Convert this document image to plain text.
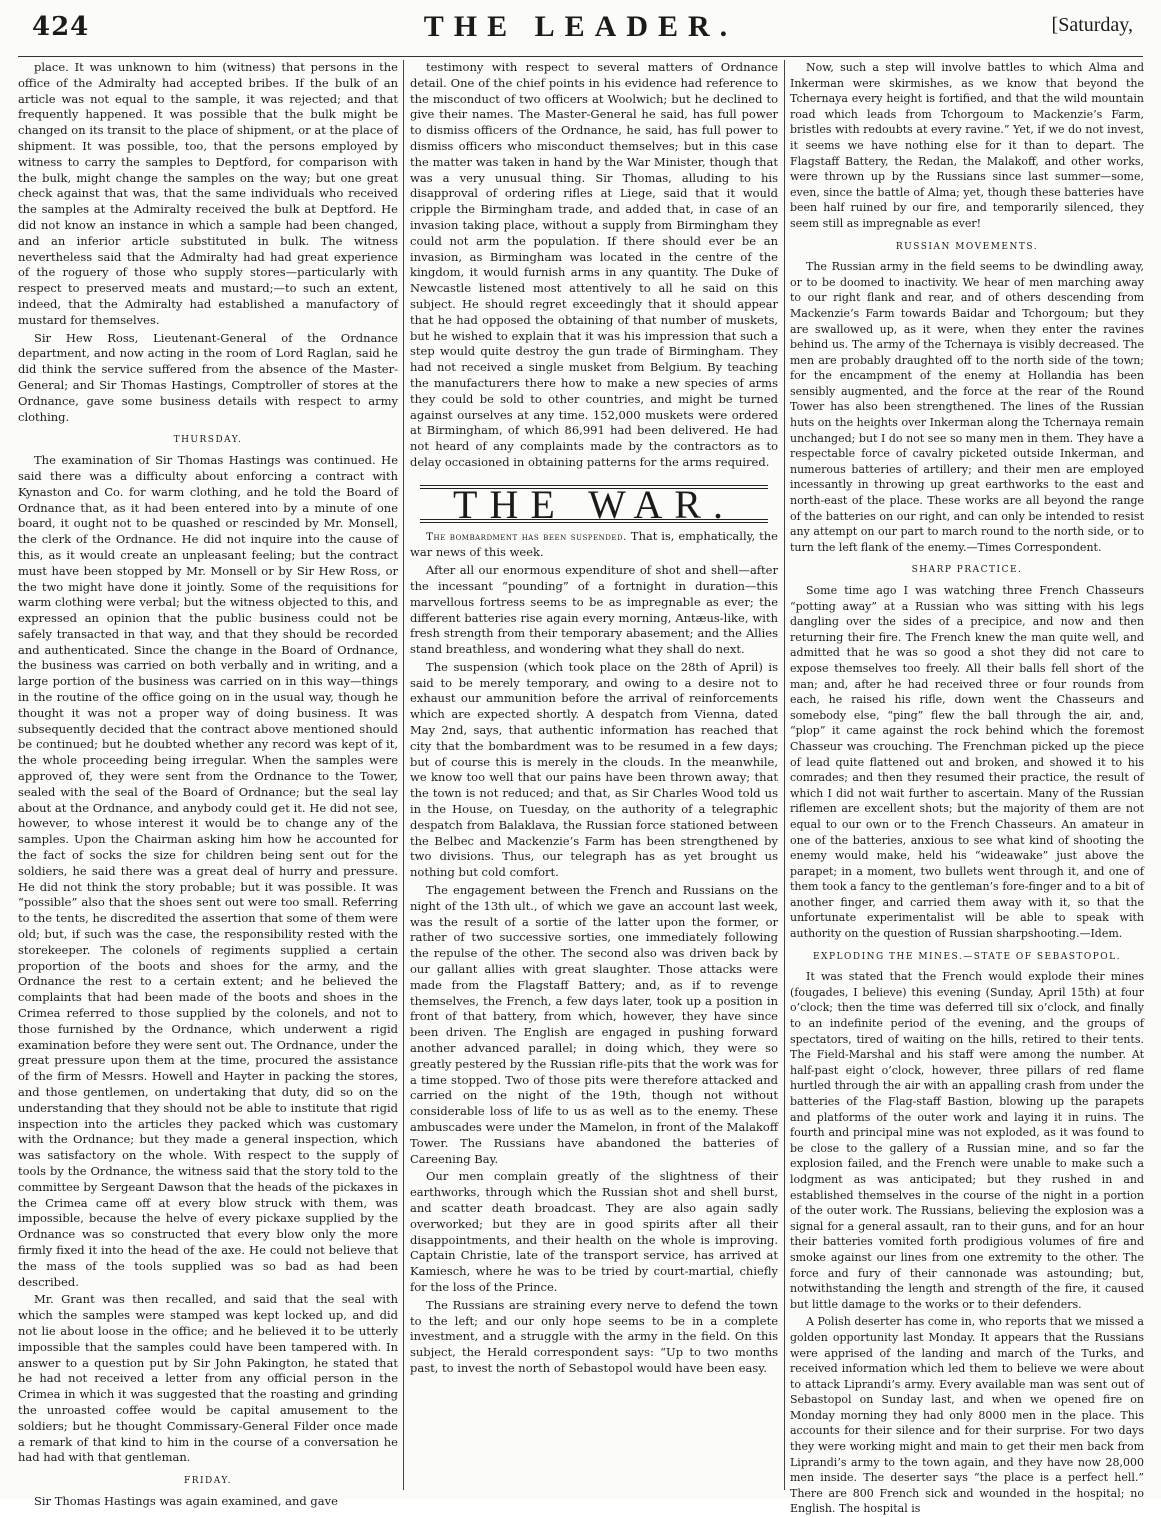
424	THE LEADER.	[Saturday,

place. It was unknown to him (witness) that persons in the office of the Admiralty had accepted bribes. If the bulk of an article was not equal to the sample, it was rejected; and that frequently happened. It was possible that the bulk might be changed on its transit to the place of shipment, or at the place of shipment. It was possible, too, that the persons employed by witness to carry the samples to Deptford, for comparison with the bulk, might change the samples on the way; but one great check against that was, that the same individuals who received the samples at the Admiralty received the bulk at Deptford. He did not know an instance in which a sample had been changed, and an inferior article substituted in bulk. The witness nevertheless said that the Admiralty had had great experience of the roguery of those who supply stores—particularly with respect to preserved meats and mustard;—to such an extent, indeed, that the Admiralty had established a manufactory of mustard for themselves.

Sir Hew Ross, Lieutenant-General of the Ordnance department, and now acting in the room of Lord Raglan, said he did think the service suffered from the absence of the Master-General; and Sir Thomas Hastings, Comptroller of stores at the Ordnance, gave some business details with respect to army clothing.

THURSDAY.

The examination of Sir Thomas Hastings was continued. He said there was a difficulty about enforcing a contract with Kynaston and Co. for warm clothing, and he told the Board of Ordnance that, as it had been entered into by a minute of one board, it ought not to be quashed or rescinded by Mr. Monsell, the clerk of the Ordnance. He did not inquire into the cause of this, as it would create an unpleasant feeling; but the contract must have been stopped by Mr. Monsell or by Sir Hew Ross, or the two might have done it jointly. Some of the requisitions for warm clothing were verbal; but the witness objected to this, and expressed an opinion that the public business could not be safely transacted in that way, and that they should be recorded and authenticated. Since the change in the Board of Ordnance, the business was carried on both verbally and in writing, and a large portion of the business was carried on in this way—things in the routine of the office going on in the usual way, though he thought it was not a proper way of doing business. It was subsequently decided that the contract above mentioned should be continued; but he doubted whether any record was kept of it, the whole proceeding being irregular. When the samples were approved of, they were sent from the Ordnance to the Tower, sealed with the seal of the Board of Ordnance; but the seal lay about at the Ordnance, and anybody could get it. He did not see, however, to whose interest it would be to change any of the samples. Upon the Chairman asking him how he accounted for the fact of socks the size for children being sent out for the soldiers, he said there was a great deal of hurry and pressure. He did not think the story probable; but it was possible. It was “possible” also that the shoes sent out were too small. Referring to the tents, he discredited the assertion that some of them were old; but, if such was the case, the responsibility rested with the storekeeper. The colonels of regiments supplied a certain proportion of the boots and shoes for the army, and the Ordnance the rest to a certain extent; and he believed the complaints that had been made of the boots and shoes in the Crimea referred to those supplied by the colonels, and not to those furnished by the Ordnance, which underwent a rigid examination before they were sent out. The Ordnance, under the great pressure upon them at the time, procured the assistance of the firm of Messrs. Howell and Hayter in packing the stores, and those gentlemen, on undertaking that duty, did so on the understanding that they should not be able to institute that rigid inspection into the articles they packed which was customary with the Ordnance; but they made a general inspection, which was satisfactory on the whole. With respect to the supply of tools by the Ordnance, the witness said that the story told to the committee by Sergeant Dawson that the heads of the pickaxes in the Crimea came off at every blow struck with them, was impossible, because the helve of every pickaxe supplied by the Ordnance was so constructed that every blow only the more firmly fixed it into the head of the axe. He could not believe that the mass of the tools supplied was so bad as had been described.

Mr. Grant was then recalled, and said that the seal with which the samples were stamped was kept locked up, and did not lie about loose in the office; and he believed it to be utterly impossible that the samples could have been tampered with. In answer to a question put by Sir John Pakington, he stated that he had not received a letter from any official person in the Crimea in which it was suggested that the roasting and grinding the unroasted coffee would be capital amusement to the soldiers; but he thought Commissary-General Filder once made a remark of that kind to him in the course of a conversation he had had with that gentleman.

FRIDAY.

Sir Thomas Hastings was again examined, and gave

testimony with respect to several matters of Ordnance detail. One of the chief points in his evidence had reference to the misconduct of two officers at Woolwich; but he declined to give their names. The Master-General he said, has full power to dismiss officers of the Ordnance, he said, has full power to dismiss officers who misconduct themselves; but in this case the matter was taken in hand by the War Minister, though that was a very unusual thing. Sir Thomas, alluding to his disapproval of ordering rifles at Liege, said that it would cripple the Birmingham trade, and added that, in case of an invasion taking place, without a supply from Birmingham they could not arm the population. If there should ever be an invasion, as Birmingham was located in the centre of the kingdom, it would furnish arms in any quantity. The Duke of Newcastle listened most attentively to all he said on this subject. He should regret exceedingly that it should appear that he had opposed the obtaining of that number of muskets, but he wished to explain that it was his impression that such a step would quite destroy the gun trade of Birmingham. They had not received a single musket from Belgium. By teaching the manufacturers there how to make a new species of arms they could be sold to other countries, and might be turned against ourselves at any time. 152,000 muskets were ordered at Birmingham, of which 86,991 had been delivered. He had not heard of any complaints made by the contractors as to delay occasioned in obtaining patterns for the arms required.

THE WAR.

The bombardment has been suspended. That is, emphatically, the war news of this week.

After all our enormous expenditure of shot and shell—after the incessant “pounding” of a fortnight in duration—this marvellous fortress seems to be as impregnable as ever; the different batteries rise again every morning, Antæus-like, with fresh strength from their temporary abasement; and the Allies stand breathless, and wondering what they shall do next.

The suspension (which took place on the 28th of April) is said to be merely temporary, and owing to a desire not to exhaust our ammunition before the arrival of reinforcements which are expected shortly. A despatch from Vienna, dated May 2nd, says, that authentic information has reached that city that the bombardment was to be resumed in a few days; but of course this is merely in the clouds. In the meanwhile, we know too well that our pains have been thrown away; that the town is not reduced; and that, as Sir Charles Wood told us in the House, on Tuesday, on the authority of a telegraphic despatch from Balaklava, the Russian force stationed between the Belbec and Mackenzie’s Farm has been strengthened by two divisions. Thus, our telegraph has as yet brought us nothing but cold comfort.

The engagement between the French and Russians on the night of the 13th ult., of which we gave an account last week, was the result of a sortie of the latter upon the former, or rather of two successive sorties, one immediately following the repulse of the other. The second also was driven back by our gallant allies with great slaughter. Those attacks were made from the Flagstaff Battery; and, as if to revenge themselves, the French, a few days later, took up a position in front of that battery, from which, however, they have since been driven. The English are engaged in pushing forward another advanced parallel; in doing which, they were so greatly pestered by the Russian rifle-pits that the work was for a time stopped. Two of those pits were therefore attacked and carried on the night of the 19th, though not without considerable loss of life to us as well as to the enemy. These ambuscades were under the Mamelon, in front of the Malakoff Tower. The Russians have abandoned the batteries of Careening Bay.

Our men complain greatly of the slightness of their earthworks, through which the Russian shot and shell burst, and scatter death broadcast. They are also again sadly overworked; but they are in good spirits after all their disappointments, and their health on the whole is improving. Captain Christie, late of the transport service, has arrived at Kamiesch, where he was to be tried by court-martial, chiefly for the loss of the Prince.

The Russians are straining every nerve to defend the town to the left; and our only hope seems to be in a complete investment, and a struggle with the army in the field. On this subject, the Herald correspondent says: “Up to two months past, to invest the north of Sebastopol would have been easy.

Now, such a step will involve battles to which Alma and Inkerman were skirmishes, as we know that beyond the Tchernaya every height is fortified, and that the wild mountain road which leads from Tchorgoum to Mackenzie’s Farm, bristles with redoubts at every ravine.” Yet, if we do not invest, it seems we have nothing else for it than to depart. The Flagstaff Battery, the Redan, the Malakoff, and other works, were thrown up by the Russians since last summer—some, even, since the battle of Alma; yet, though these batteries have been half ruined by our fire, and temporarily silenced, they seem still as impregnable as ever!

RUSSIAN MOVEMENTS.

The Russian army in the field seems to be dwindling away, or to be doomed to inactivity. We hear of men marching away to our right flank and rear, and of others descending from Mackenzie’s Farm towards Baidar and Tchorgoum; but they are swallowed up, as it were, when they enter the ravines behind us. The army of the Tchernaya is visibly decreased. The men are probably draughted off to the north side of the town; for the encampment of the enemy at Hollandia has been sensibly augmented, and the force at the rear of the Round Tower has also been strengthened. The lines of the Russian huts on the heights over Inkerman along the Tchernaya remain unchanged; but I do not see so many men in them. They have a respectable force of cavalry picketed outside Inkerman, and numerous batteries of artillery; and their men are employed incessantly in throwing up great earthworks to the east and north-east of the place. These works are all beyond the range of the batteries on our right, and can only be intended to resist any attempt on our part to march round to the north side, or to turn the left flank of the enemy.—Times Correspondent.

SHARP PRACTICE.

Some time ago I was watching three French Chasseurs “potting away” at a Russian who was sitting with his legs dangling over the sides of a precipice, and now and then returning their fire. The French knew the man quite well, and admitted that he was so good a shot they did not care to expose themselves too freely. All their balls fell short of the man; and, after he had received three or four rounds from each, he raised his rifle, down went the Chasseurs and somebody else, “ping” flew the ball through the air, and, “plop” it came against the rock behind which the foremost Chasseur was crouching. The Frenchman picked up the piece of lead quite flattened out and broken, and showed it to his comrades; and then they resumed their practice, the result of which I did not wait further to ascertain. Many of the Russian riflemen are excellent shots; but the majority of them are not equal to our own or to the French Chasseurs. An amateur in one of the batteries, anxious to see what kind of shooting the enemy would make, held his “wideawake” just above the parapet; in a moment, two bullets went through it, and one of them took a fancy to the gentleman’s fore-finger and to a bit of another finger, and carried them away with it, so that the unfortunate experimentalist will be able to speak with authority on the question of Russian sharpshooting.—Idem.

EXPLODING THE MINES.—STATE OF SEBASTOPOL.

It was stated that the French would explode their mines (fougades, I believe) this evening (Sunday, April 15th) at four o’clock; then the time was deferred till six o’clock, and finally to an indefinite period of the evening, and the groups of spectators, tired of waiting on the hills, retired to their tents. The Field-Marshal and his staff were among the number. At half-past eight o’clock, however, three pillars of red flame hurtled through the air with an appalling crash from under the batteries of the Flag-staff Bastion, blowing up the parapets and platforms of the outer work and laying it in ruins. The fourth and principal mine was not exploded, as it was found to be close to the gallery of a Russian mine, and so far the explosion failed, and the French were unable to make such a lodgment as was anticipated; but they rushed in and established themselves in the course of the night in a portion of the outer work. The Russians, believing the explosion was a signal for a general assault, ran to their guns, and for an hour their batteries vomited forth prodigious volumes of fire and smoke against our lines from one extremity to the other. The force and fury of their cannonade was astounding; but, notwithstanding the length and strength of the fire, it caused but little damage to the works or to their defenders.

A Polish deserter has come in, who reports that we missed a golden opportunity last Monday. It appears that the Russians were apprised of the landing and march of the Turks, and received information which led them to believe we were about to attack Liprandi’s army. Every available man was sent out of Sebastopol on Sunday last, and when we opened fire on Monday morning they had only 8000 men in the place. This accounts for their silence and for their surprise. For two days they were working might and main to get their men back from Liprandi’s army to the town again, and they have now 28,000 men inside. The deserter says “the place is a perfect hell.” There are 800 French sick and wounded in the hospital; no English. The hospital is
